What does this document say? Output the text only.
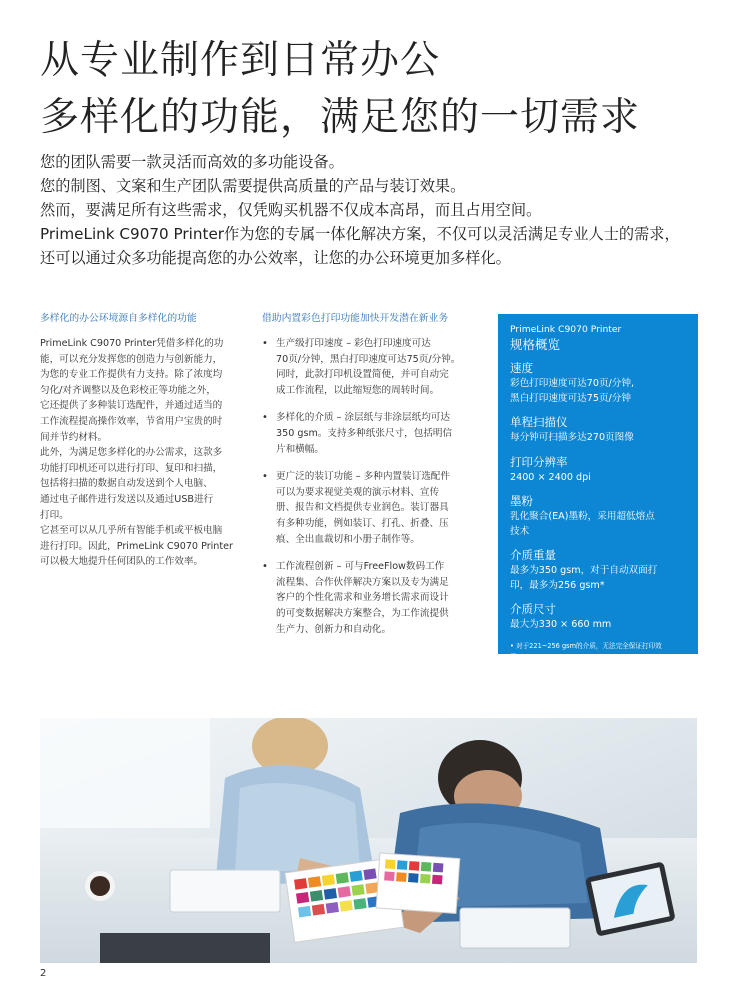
从专业制作到日常办公
多样化的功能，满足您的一切需求
您的团队需要一款灵活而高效的多功能设备。
您的制图、文案和生产团队需要提供高质量的产品与装订效果。
然而，要满足所有这些需求，仅凭购买机器不仅成本高昂，而且占用空间。
PrimeLink C9070 Printer作为您的专属一体化解决方案，不仅可以灵活满足专业人士的需求，
还可以通过众多功能提高您的办公效率，让您的办公环境更加多样化。
多样化的办公环境源自多样化的功能
PrimeLink C9070 Printer凭借多样化的功
能，可以充分发挥您的创造力与创新能力，
为您的专业工作提供有力支持。除了浓度均
匀化/对齐调整以及色彩校正等功能之外，
它还提供了多种装订选配件，并通过适当的
工作流程提高操作效率，节省用户宝贵的时
间并节约材料。
此外，为满足您多样化的办公需求，这款多
功能打印机还可以进行打印、复印和扫描，
包括将扫描的数据自动发送到个人电脑、
通过电子邮件进行发送以及通过USB进行
打印。
它甚至可以从几乎所有智能手机或平板电脑
进行打印。因此，PrimeLink C9070 Printer
可以极大地提升任何团队的工作效率。
借助内置彩色打印功能加快开发潜在新业务
• 生产级打印速度 – 彩色打印速度可达
70页/分钟，黑白打印速度可达75页/分钟。
同时，此款打印机设置简便，并可自动完
成工作流程，以此缩短您的周转时间。
• 多样化的介质 – 涂层纸与非涂层纸均可达
350 gsm。支持多种纸张尺寸，包括明信
片和横幅。
• 更广泛的装订功能 – 多种内置装订选配件
可以为要求视觉美观的演示材料、宣传
册、报告和文档提供专业润色。装订器具
有多种功能，例如装订、打孔、折叠、压
痕、全出血裁切和小册子制作等。
• 工作流程创新 – 可与FreeFlow数码工作
流程集、合作伙伴解决方案以及专为满足
客户的个性化需求和业务增长需求而设计
的可变数据解决方案整合，为工作流提供
生产力、创新力和自动化。
PrimeLink C9070 Printer
规格概览
速度
彩色打印速度可达70页/分钟,
黑白打印速度可达75页/分钟
单程扫描仪
每分钟可扫描多达270页图像
打印分辨率
2400 × 2400 dpi
墨粉
乳化聚合(EA)墨粉，采用超低熔点
技术
介质重量
最多为350 gsm，对于自动双面打
印，最多为256 gsm*
介质尺寸
最大为330 × 660 mm
• 对于221~256 gsm的介质，无法完全保证打印效
果。
2
